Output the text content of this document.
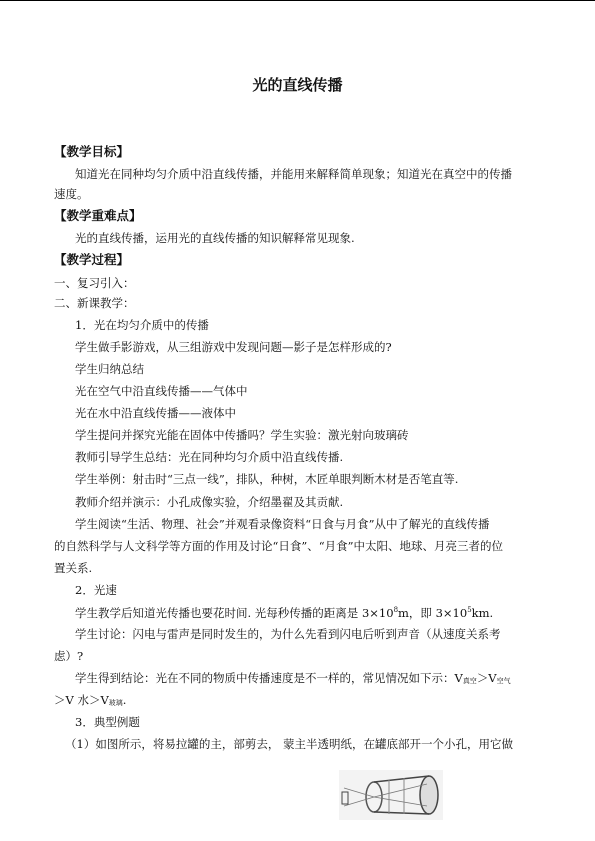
光的直线传播
【教学目标】
知道光在同种均匀介质中沿直线传播，并能用来解释简单现象；知道光在真空中的传播
速度。
【教学重难点】
光的直线传播，运用光的直线传播的知识解释常见现象.
【教学过程】
一、复习引入：
二、新课教学：
1．光在均匀介质中的传播
学生做手影游戏，从三组游戏中发现问题—影子是怎样形成的?
学生归纳总结
光在空气中沿直线传播——气体中
光在水中沿直线传播——液体中
学生提问并探究光能在固体中传播吗？学生实验：激光射向玻璃砖
教师引导学生总结：光在同种均匀介质中沿直线传播.
学生举例：射击时“三点一线”，排队，种树，木匠单眼判断木材是否笔直等.
教师介绍并演示：小孔成像实验，介绍墨翟及其贡献.
学生阅读“生活、物理、社会”并观看录像资料“日食与月食”从中了解光的直线传播
的自然科学与人文科学等方面的作用及讨论“日食”、“月食”中太阳、地球、月亮三者的位
置关系.
2．光速
学生教学后知道光传播也要花时间. 光每秒传播的距离是 $3\times 10^8m$，即 $3\times 10^5km$.
学生讨论：闪电与雷声是同时发生的，为什么先看到闪电后听到声音（从速度关系考
虑）?
学生得到结论：光在不同的物质中传播速度是不一样的，常见情况如下示：V真空＞V空气
＞V 水＞V玻璃.
3．典型例题
（1）如图所示，将易拉罐的主，部剪去， 蒙主半透明纸，在罐底部开一个小孔，用它做
